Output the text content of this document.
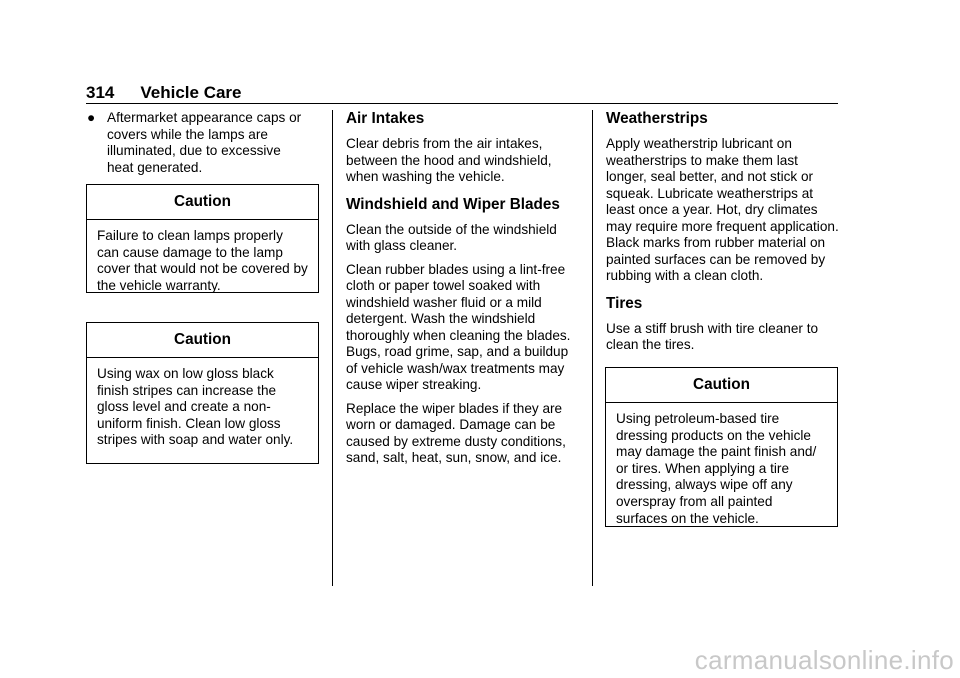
314 Vehicle Care
● Aftermarket appearance caps or covers while the lamps are illuminated, due to excessive heat generated.
Caution
Failure to clean lamps properly can cause damage to the lamp cover that would not be covered by the vehicle warranty.
Caution
Using wax on low gloss black finish stripes can increase the gloss level and create a non-uniform finish. Clean low gloss stripes with soap and water only.
Air Intakes

Clear debris from the air intakes, between the hood and windshield, when washing the vehicle.

Windshield and Wiper Blades

Clean the outside of the windshield with glass cleaner.

Clean rubber blades using a lint-free cloth or paper towel soaked with windshield washer fluid or a mild detergent. Wash the windshield thoroughly when cleaning the blades. Bugs, road grime, sap, and a buildup of vehicle wash/wax treatments may cause wiper streaking.

Replace the wiper blades if they are worn or damaged. Damage can be caused by extreme dusty conditions, sand, salt, heat, sun, snow, and ice.

Weatherstrips

Apply weatherstrip lubricant on weatherstrips to make them last longer, seal better, and not stick or squeak. Lubricate weatherstrips at least once a year. Hot, dry climates may require more frequent application. Black marks from rubber material on painted surfaces can be removed by rubbing with a clean cloth.

Tires

Use a stiff brush with tire cleaner to clean the tires.

Caution
Using petroleum-based tire dressing products on the vehicle may damage the paint finish and/ or tires. When applying a tire dressing, always wipe off any overspray from all painted surfaces on the vehicle.
carmanualsonline.info
